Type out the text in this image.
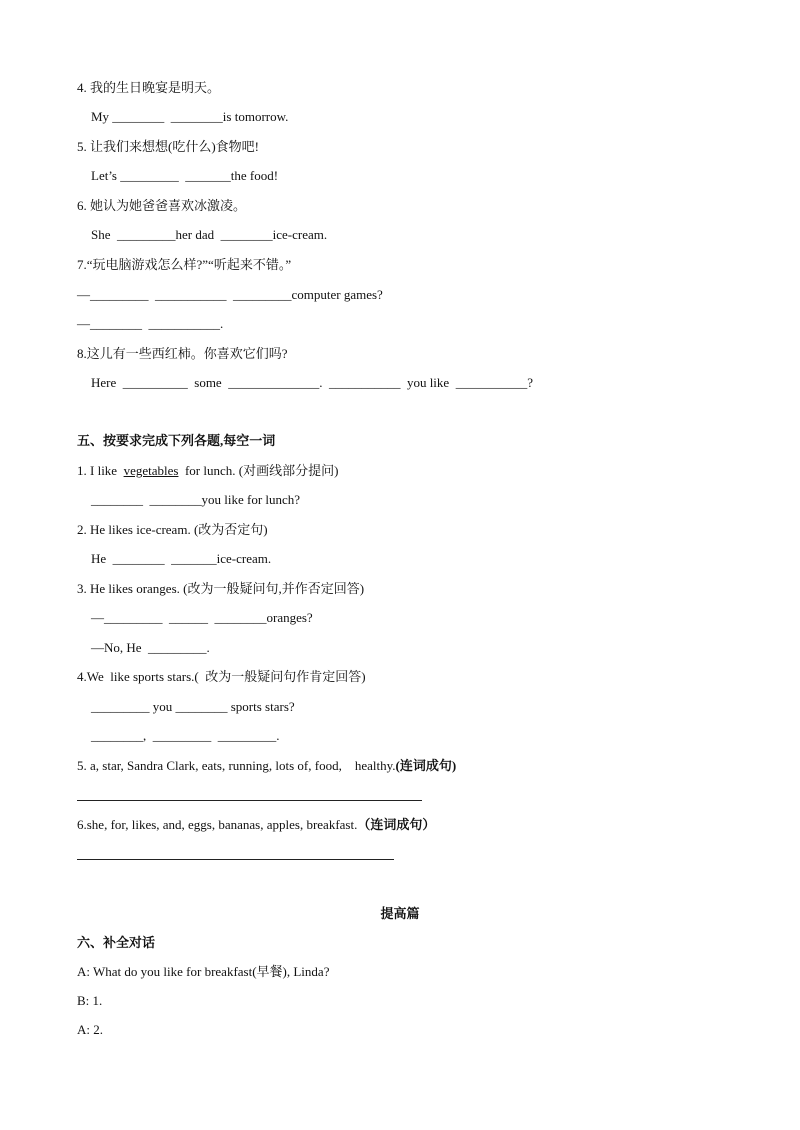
4. 我的生日晚宴是明天。
My ________  ________is tomorrow.
5. 让我们来想想(吃什么)食物吧!
Let’s _________  _______the food!
6. 她认为她爸爸喜欢冰激凌。
She  _________her dad  ________ice-cream.
7.“玩电脑游戏怎么样?”“听起来不错。”
—_________  ___________  _________computer games?
—________  ___________.
8.这儿有一些西红柿。你喜欢它们吗?
Here  __________  some  ______________.  ___________  you like  ___________?
五、按要求完成下列各题,每空一词
1. I like  vegetables  for lunch. (对画线部分提问)
________  ________you like for lunch?
2. He likes ice-cream. (改为否定句)
He  ________  _______ice-cream.
3. He likes oranges. (改为一般疑问句,并作否定回答)
—_________  ______  ________oranges?
—No, He  _________.
4.We  like sports stars.(  改为一般疑问句作肯定回答)
_________ you ________ sports stars?
________,  _________  _________.
5. a, star, Sandra Clark, eats, running, lots of, food,    healthy.(连词成句)
6.she, for, likes, and, eggs, bananas, apples, breakfast.（连词成句）
提高篇
六、补全对话
A: What do you like for breakfast(早餐), Linda?
B: 1.
A: 2.
